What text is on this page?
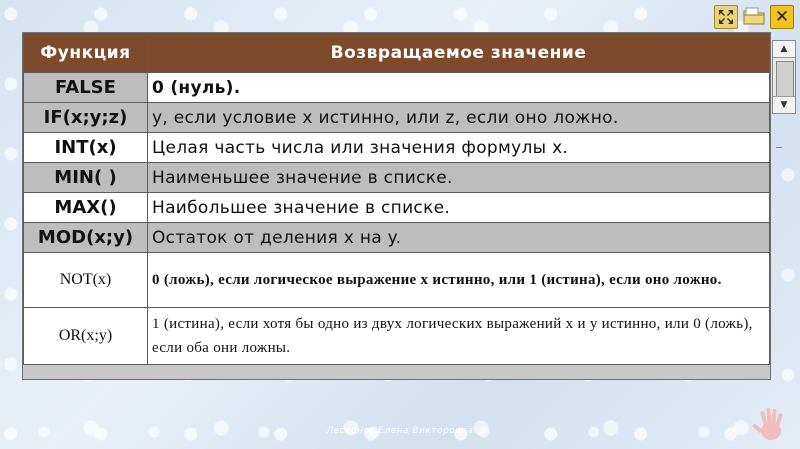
✕
Функция	Возвращаемое значение
FALSE	0 (нуль).
IF(x;y;z)	y, если условие x истинно, или z, если оно ложно.
INT(x)	Целая часть числа или значения формулы x.
MIN( )	Наименьшее значение в списке.
MAX()	Наибольшее значение в списке.
MOD(x;y)	Остаток от деления x на y.
NOT(x)	0 (ложь), если логическое выражение x истинно, или 1 (истина), если оно ложно.
OR(x;y)	1 (истина), если хотя бы одно из двух логических выражений x и y истинно, или 0 (ложь), если оба они ложны.
▲
▼
Лесконог Елена Викторовна
